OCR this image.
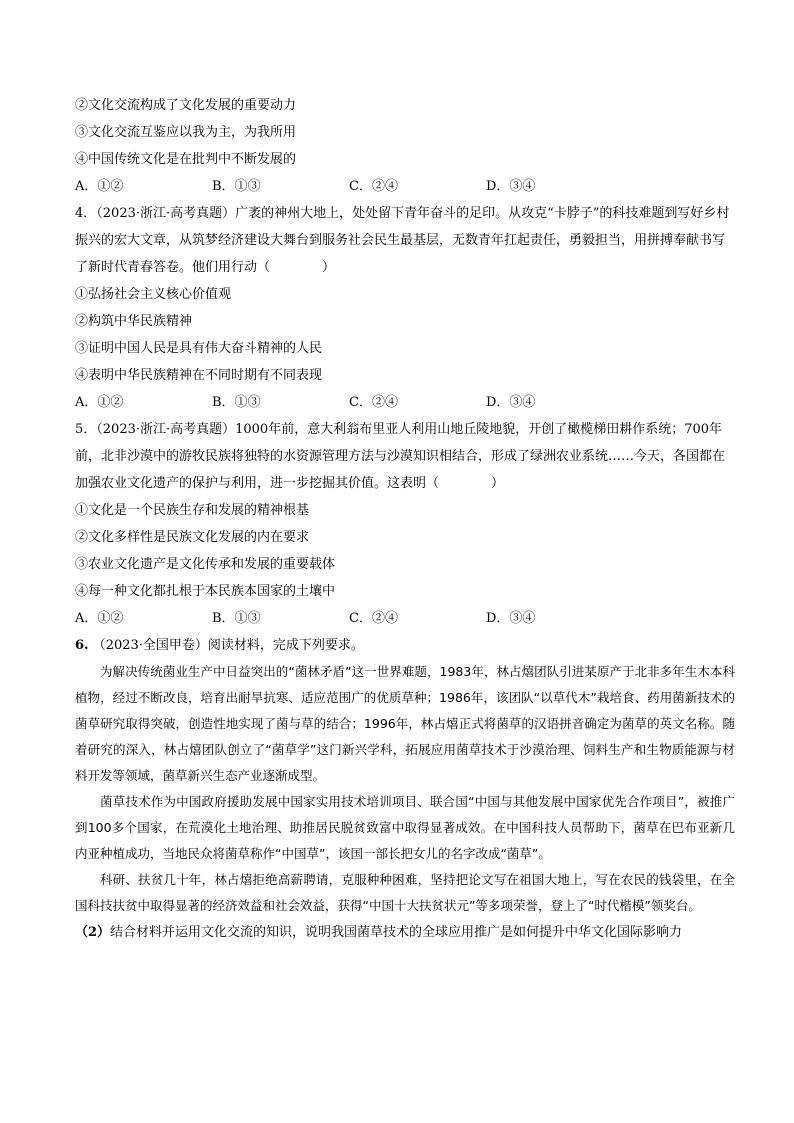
②文化交流构成了文化发展的重要动力
③文化交流互鉴应以我为主，为我所用
④中国传统文化是在批判中不断发展的
A．①②	B．①③	C．②④	D．③④
4．（2023·浙江·高考真题）广袤的神州大地上，处处留下青年奋斗的足印。从攻克“卡脖子”的科技难题到写好乡村振兴的宏大文章，从筑梦经济建设大舞台到服务社会民生最基层，无数青年扛起责任，勇毅担当，用拼搏奉献书写了新时代青春答卷。他们用行动（　　　　）
①弘扬社会主义核心价值观
②构筑中华民族精神
③证明中国人民是具有伟大奋斗精神的人民
④表明中华民族精神在不同时期有不同表现
A．①②	B．①③	C．②④	D．③④
5．（2023·浙江·高考真题）1000年前，意大利翁布里亚人利用山地丘陵地貌，开创了橄榄梯田耕作系统；700年前，北非沙漠中的游牧民族将独特的水资源管理方法与沙漠知识相结合，形成了绿洲农业系统……今天，各国都在加强农业文化遗产的保护与利用，进一步挖掘其价值。这表明（　　　　）
①文化是一个民族生存和发展的精神根基
②文化多样性是民族文化发展的内在要求
③农业文化遗产是文化传承和发展的重要载体
④每一种文化都扎根于本民族本国家的土壤中
A．①②	B．①③	C．②④	D．③④
6. （2023·全国甲卷）阅读材料，完成下列要求。

为解决传统菌业生产中日益突出的“菌林矛盾”这一世界难题，1983年，林占熺团队引进某原产于北非多年生木本科植物，经过不断改良，培育出耐旱抗寒、适应范围广的优质草种；1986年，该团队“以草代木”栽培食、药用菌新技术的菌草研究取得突破，创造性地实现了菌与草的结合；1996年，林占熺正式将菌草的汉语拼音确定为菌草的英文名称。随着研究的深入，林占熺团队创立了“菌草学”这门新兴学科，拓展应用菌草技术于沙漠治理、饲料生产和生物质能源与材料开发等领域，菌草新兴生态产业逐渐成型。

菌草技术作为中国政府援助发展中国家实用技术培训项目、联合国“中国与其他发展中国家优先合作项目”，被推广到100多个国家，在荒漠化土地治理、助推居民脱贫致富中取得显著成效。在中国科技人员帮助下，菌草在巴布亚新几内亚种植成功，当地民众将菌草称作“中国草”，该国一部长把女儿的名字改成“菌草”。

科研、扶贫几十年，林占熺拒绝高薪聘请，克服种种困难，坚持把论文写在祖国大地上，写在农民的钱袋里，在全国科技扶贫中取得显著的经济效益和社会效益，获得“中国十大扶贫状元”等多项荣誉，登上了“时代楷模”领奖台。

（2）结合材料并运用文化交流的知识，说明我国菌草技术的全球应用推广是如何提升中华文化国际影响力
